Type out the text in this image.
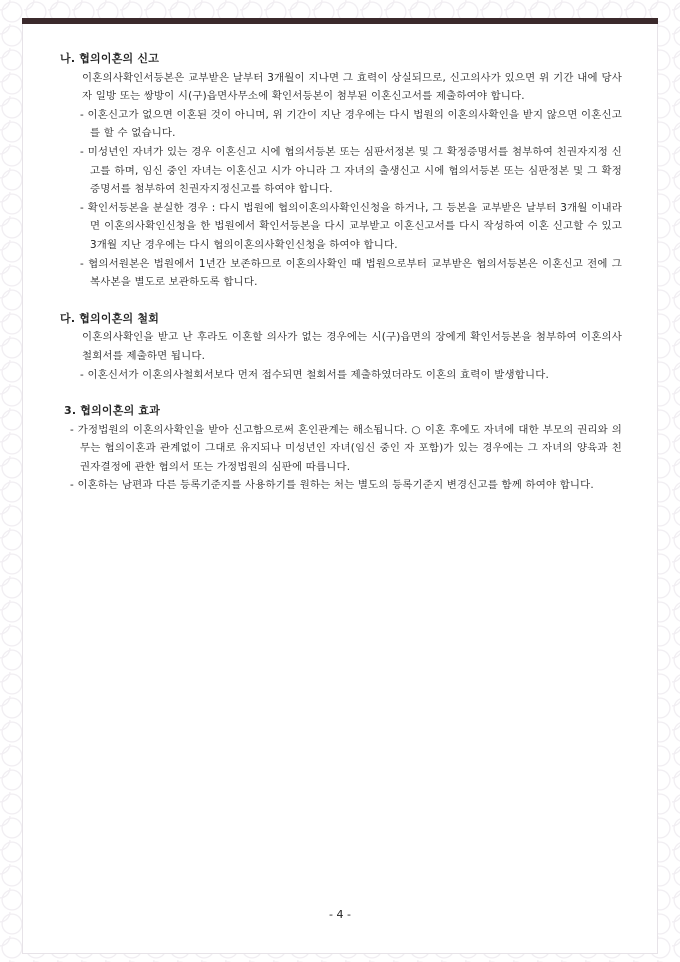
나. 협의이혼의 신고

이혼의사확인서등본은 교부받은 날부터 3개월이 지나면 그 효력이 상실되므로, 신고의사가 있으면 위 기간 내에 당사자 일방 또는 쌍방이 시(구)읍면사무소에 확인서등본이 첨부된 이혼신고서를 제출하여야 합니다.

- 이혼신고가 없으면 이혼된 것이 아니며, 위 기간이 지난 경우에는 다시 법원의 이혼의사확인을 받지 않으면 이혼신고를 할 수 없습니다.

- 미성년인 자녀가 있는 경우 이혼신고 시에 협의서등본 또는 심판서정본 및 그 확정증명서를 첨부하여 친권자지정 신고를 하며, 임신 중인 자녀는 이혼신고 시가 아니라 그 자녀의 출생신고 시에 협의서등본 또는 심판정본 및 그 확정증명서를 첨부하여 친권자지정신고를 하여야 합니다.

- 확인서등본을 분실한 경우 : 다시 법원에 협의이혼의사확인신청을 하거나, 그 등본을 교부받은 날부터 3개월 이내라면 이혼의사확인신청을 한 법원에서 확인서등본을 다시 교부받고 이혼신고서를 다시 작성하여 이혼 신고할 수 있고 3개월 지난 경우에는 다시 협의이혼의사확인신청을 하여야 합니다.

- 협의서원본은 법원에서 1년간 보존하므로 이혼의사확인 때 법원으로부터 교부받은 협의서등본은 이혼신고 전에 그 복사본을 별도로 보관하도록 합니다.

다. 협의이혼의 철회

이혼의사확인을 받고 난 후라도 이혼할 의사가 없는 경우에는 시(구)읍면의 장에게 확인서등본을 첨부하여 이혼의사철회서를 제출하면 됩니다.

- 이혼신서가 이혼의사철회서보다 먼저 접수되면 철회서를 제출하였더라도 이혼의 효력이 발생합니다.

3. 협의이혼의 효과

- 가정법원의 이혼의사확인을 받아 신고함으로써 혼인관계는 해소됩니다. ○ 이혼 후에도 자녀에 대한 부모의 권리와 의무는 협의이혼과 관계없이 그대로 유지되나 미성년인 자녀(임신 중인 자 포함)가 있는 경우에는 그 자녀의 양육과 친권자결정에 관한 협의서 또는 가정법원의 심판에 따릅니다.

- 이혼하는 남편과 다른 등록기준지를 사용하기를 원하는 처는 별도의 등록기준지 변경신고를 함께 하여야 합니다.

- 4 -
